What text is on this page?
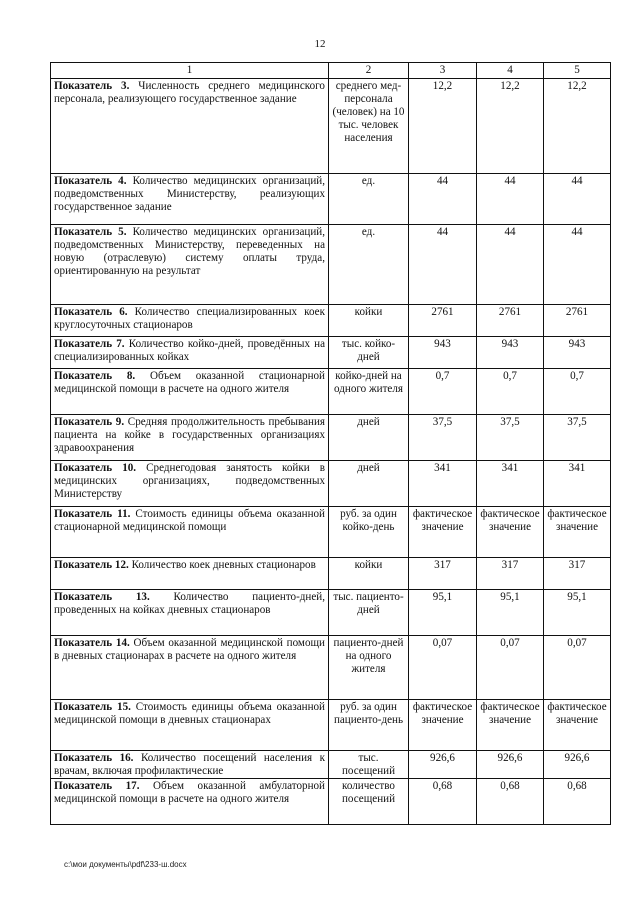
12
1	2	3	4	5
Показатель 3. Численность среднего медицинского персонала, реализующего государственное задание	среднего мед-персонала (человек) на 10 тыс. человек населения	12,2	12,2	12,2
Показатель 4. Количество медицинских организаций, подведомственных Министерству, реализующих государственное задание	ед.	44	44	44
Показатель 5. Количество медицинских организаций, подведомственных Министерству, переведенных на новую (отраслевую) систему оплаты труда, ориентированную на результат	ед.	44	44	44
Показатель 6. Количество специализированных коек круглосуточных стационаров	койки	2761	2761	2761
Показатель 7. Количество койко-дней, проведённых на специализированных койках	тыс. койко-дней	943	943	943
Показатель 8. Объем оказанной стационарной медицинской помощи в расчете на одного жителя	койко-дней на одного жителя	0,7	0,7	0,7
Показатель 9. Средняя продолжительность пребывания пациента на койке в государственных организациях здравоохранения	дней	37,5	37,5	37,5
Показатель 10. Среднегодовая занятость койки в медицинских организациях, подведомственных Министерству	дней	341	341	341
Показатель 11. Стоимость единицы объема оказанной стационарной медицинской помощи	руб. за один койко-день	фактическое значение	фактическое значение	фактическое значение
Показатель 12. Количество коек дневных стационаров	койки	317	317	317
Показатель 13. Количество пациенто-дней, проведенных на койках дневных стационаров	тыс. пациенто-дней	95,1	95,1	95,1
Показатель 14. Объем оказанной медицинской помощи в дневных стационарах в расчете на одного жителя	пациенто-дней на одного жителя	0,07	0,07	0,07
Показатель 15. Стоимость единицы объема оказанной медицинской помощи в дневных стационарах	руб. за один пациенто-день	фактическое значение	фактическое значение	фактическое значение
Показатель 16. Количество посещений населения к врачам, включая профилактические	тыс. посещений	926,6	926,6	926,6
Показатель 17. Объем оказанной амбулаторной медицинской помощи в расчете на одного жителя	количество посещений	0,68	0,68	0,68
c:\мои документы\pdf\233-ш.docx
